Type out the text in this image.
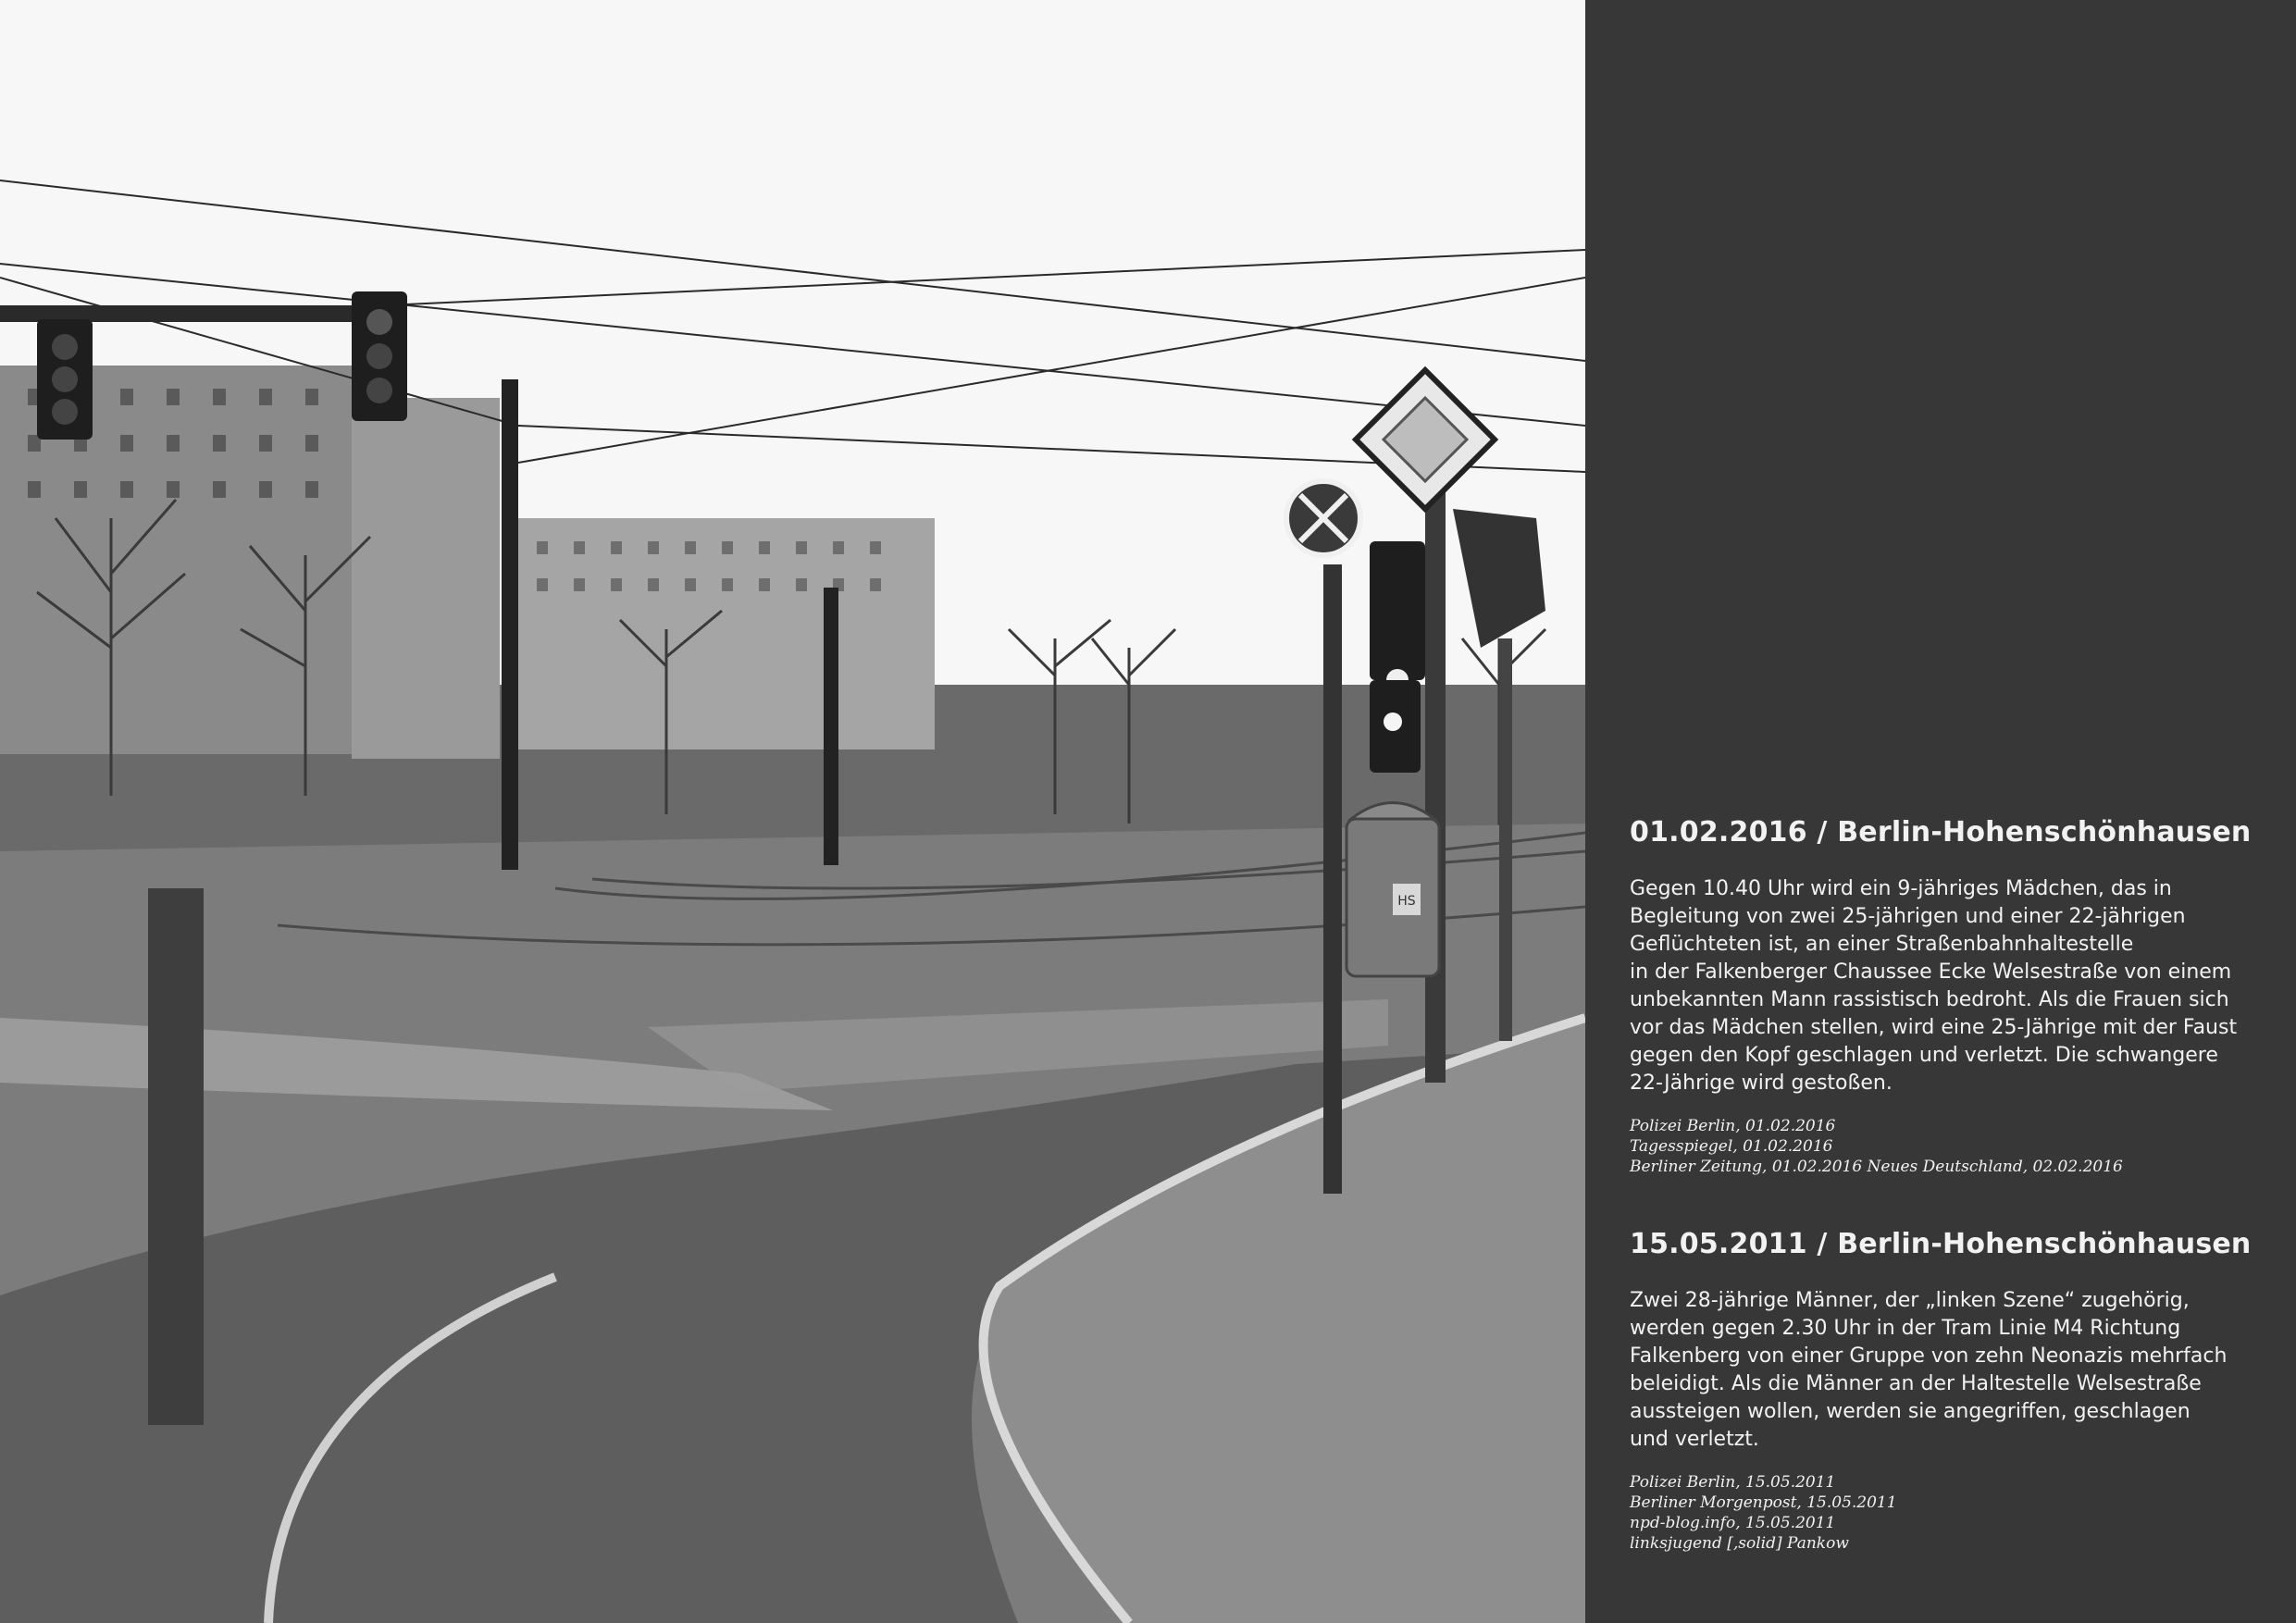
HS
01.02.2016 / Berlin-Hohenschönhausen

Gegen 10.40 Uhr wird ein 9-jähriges Mädchen, das in
Begleitung von zwei 25-jährigen und einer 22-jährigen
Geflüchteten ist, an einer Straßenbahnhaltestelle
in der Falkenberger Chaussee Ecke Welsestraße von einem
unbekannten Mann rassistisch bedroht. Als die Frauen sich
vor das Mädchen stellen, wird eine 25-Jährige mit der Faust
gegen den Kopf geschlagen und verletzt. Die schwangere
22-Jährige wird gestoßen.

Polizei Berlin, 01.02.2016
Tagesspiegel, 01.02.2016
Berliner Zeitung, 01.02.2016 Neues Deutschland, 02.02.2016

15.05.2011 / Berlin-Hohenschönhausen

Zwei 28-jährige Männer, der „linken Szene“ zugehörig,
werden gegen 2.30 Uhr in der Tram Linie M4 Richtung
Falkenberg von einer Gruppe von zehn Neonazis mehrfach
beleidigt. Als die Männer an der Haltestelle Welsestraße
aussteigen wollen, werden sie angegriffen, geschlagen
und verletzt.

Polizei Berlin, 15.05.2011
Berliner Morgenpost, 15.05.2011
npd-blog.info, 15.05.2011
linksjugend [‚solid] Pankow
